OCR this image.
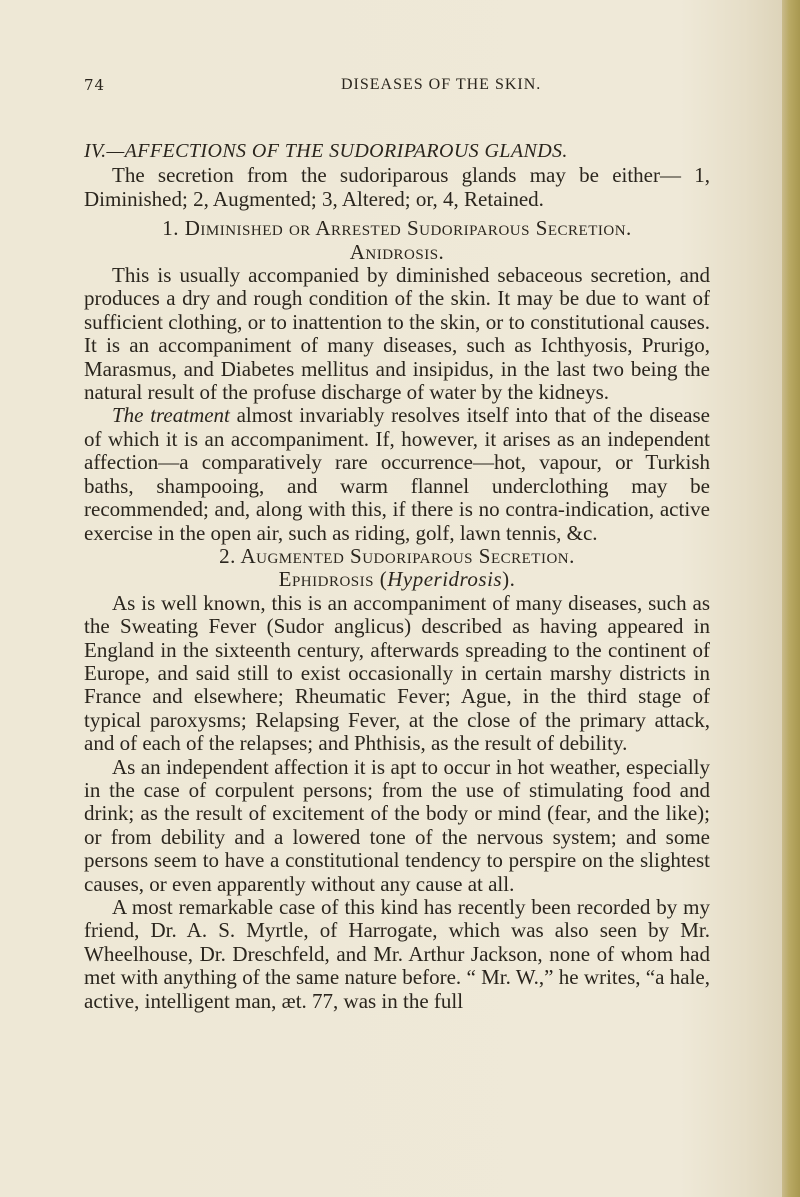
74	DISEASES OF THE SKIN.

IV.—AFFECTIONS OF THE SUDORIPAROUS GLANDS.

The secretion from the sudoriparous glands may be either— 1, Diminished; 2, Augmented; 3, Altered; or, 4, Retained.

1. Diminished or Arrested Sudoriparous Secretion.

Anidrosis.

This is usually accompanied by diminished sebaceous secretion, and produces a dry and rough condition of the skin. It may be due to want of sufficient clothing, or to inattention to the skin, or to constitutional causes. It is an accompaniment of many diseases, such as Ichthyosis, Prurigo, Marasmus, and Diabetes mellitus and insipidus, in the last two being the natural result of the profuse discharge of water by the kidneys.

The treatment almost invariably resolves itself into that of the disease of which it is an accompaniment. If, however, it arises as an independent affection—a comparatively rare occurrence—hot, vapour, or Turkish baths, shampooing, and warm flannel underclothing may be recommended; and, along with this, if there is no contra-indication, active exercise in the open air, such as riding, golf, lawn tennis, &c.

2. Augmented Sudoriparous Secretion.

Ephidrosis (Hyperidrosis).

As is well known, this is an accompaniment of many diseases, such as the Sweating Fever (Sudor anglicus) described as having appeared in England in the sixteenth century, afterwards spreading to the continent of Europe, and said still to exist occasionally in certain marshy districts in France and elsewhere; Rheumatic Fever; Ague, in the third stage of typical paroxysms; Relapsing Fever, at the close of the primary attack, and of each of the relapses; and Phthisis, as the result of debility.

As an independent affection it is apt to occur in hot weather, especially in the case of corpulent persons; from the use of stimulating food and drink; as the result of excitement of the body or mind (fear, and the like); or from debility and a lowered tone of the nervous system; and some persons seem to have a constitutional tendency to perspire on the slightest causes, or even apparently without any cause at all.

A most remarkable case of this kind has recently been recorded by my friend, Dr. A. S. Myrtle, of Harrogate, which was also seen by Mr. Wheelhouse, Dr. Dreschfeld, and Mr. Arthur Jackson, none of whom had met with anything of the same nature before. “ Mr. W.,” he writes, “a hale, active, intelligent man, æt. 77, was in the full
